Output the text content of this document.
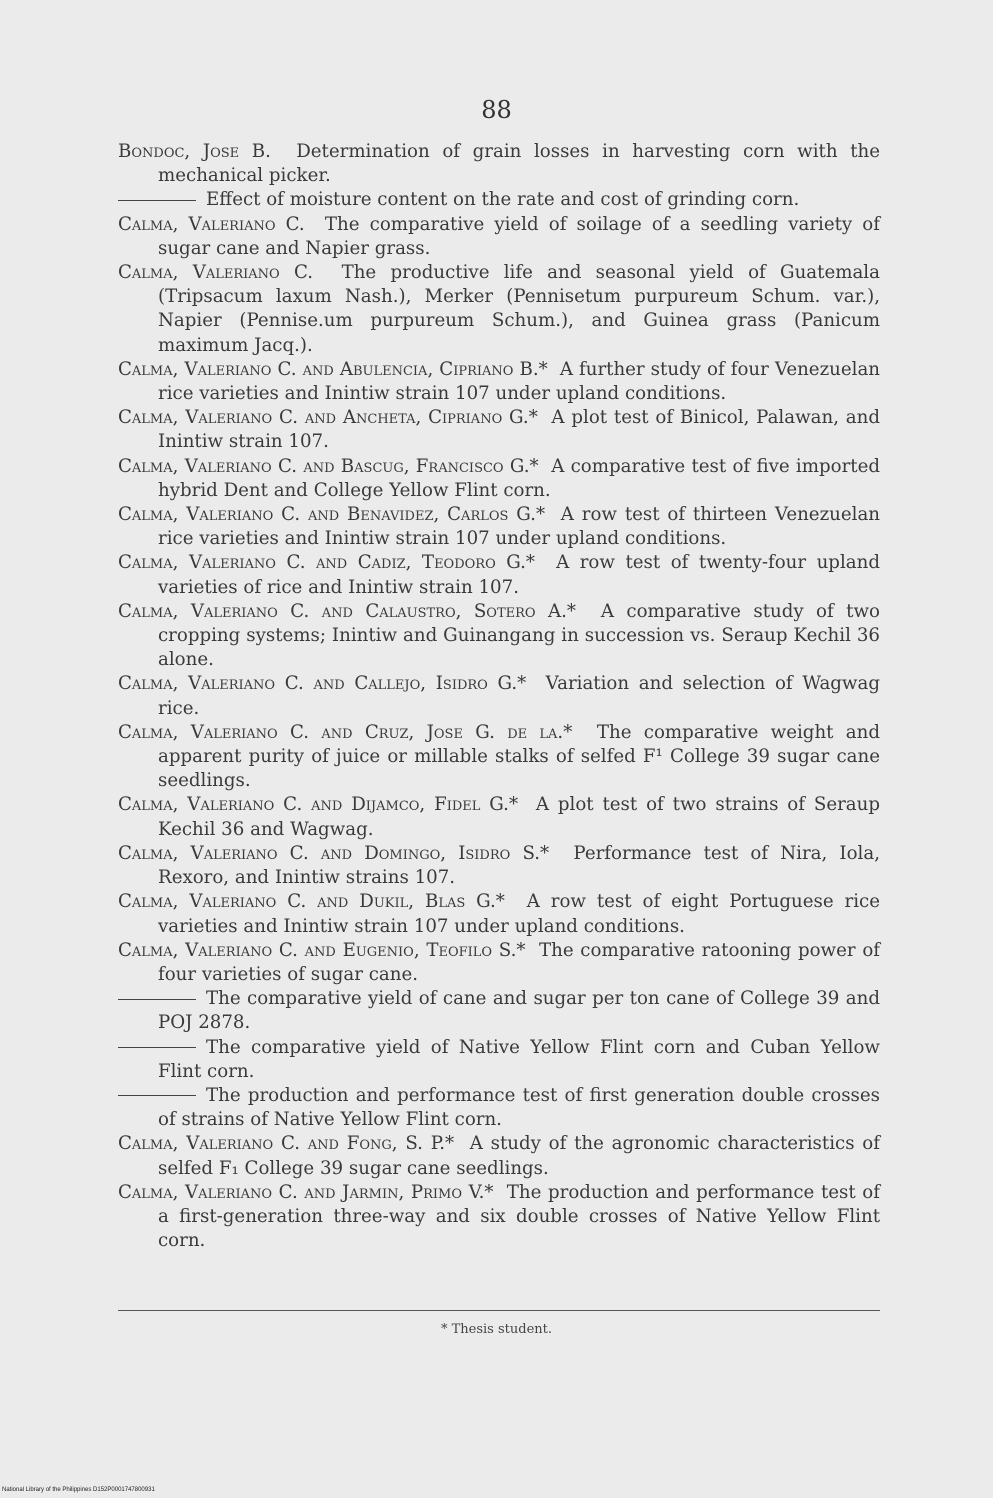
88

Bondoc, Jose B. Determination of grain losses in harvesting corn with the mechanical picker.

Effect of moisture content on the rate and cost of grinding corn.

Calma, Valeriano C. The comparative yield of soilage of a seedling variety of sugar cane and Napier grass.

Calma, Valeriano C. The productive life and seasonal yield of Guatemala (Tripsacum laxum Nash.), Merker (Pennisetum purpureum Schum. var.), Napier (Pennise.um purpureum Schum.), and Guinea grass (Panicum maximum Jacq.).

Calma, Valeriano C. and Abulencia, Cipriano B.* A further study of four Venezuelan rice varieties and Inintiw strain 107 under upland conditions.

Calma, Valeriano C. and Ancheta, Cipriano G.* A plot test of Binicol, Palawan, and Inintiw strain 107.

Calma, Valeriano C. and Bascug, Francisco G.* A comparative test of five imported hybrid Dent and College Yellow Flint corn.

Calma, Valeriano C. and Benavidez, Carlos G.* A row test of thirteen Venezuelan rice varieties and Inintiw strain 107 under upland conditions.

Calma, Valeriano C. and Cadiz, Teodoro G.* A row test of twenty-four upland varieties of rice and Inintiw strain 107.

Calma, Valeriano C. and Calaustro, Sotero A.* A comparative study of two cropping systems; Inintiw and Guinangang in succession vs. Seraup Kechil 36 alone.

Calma, Valeriano C. and Callejo, Isidro G.* Variation and selection of Wagwag rice.

Calma, Valeriano C. and Cruz, Jose G. de la.* The comparative weight and apparent purity of juice or millable stalks of selfed F¹ College 39 sugar cane seedlings.

Calma, Valeriano C. and Dijamco, Fidel G.* A plot test of two strains of Seraup Kechil 36 and Wagwag.

Calma, Valeriano C. and Domingo, Isidro S.* Performance test of Nira, Iola, Rexoro, and Inintiw strains 107.

Calma, Valeriano C. and Dukil, Blas G.* A row test of eight Portuguese rice varieties and Inintiw strain 107 under upland conditions.

Calma, Valeriano C. and Eugenio, Teofilo S.* The comparative ratooning power of four varieties of sugar cane.

The comparative yield of cane and sugar per ton cane of College 39 and POJ 2878.

The comparative yield of Native Yellow Flint corn and Cuban Yellow Flint corn.

The production and performance test of first generation double crosses of strains of Native Yellow Flint corn.

Calma, Valeriano C. and Fong, S. P.* A study of the agronomic characteristics of selfed F₁ College 39 sugar cane seedlings.

Calma, Valeriano C. and Jarmin, Primo V.* The production and performance test of a first-generation three-way and six double crosses of Native Yellow Flint corn.

* Thesis student.
National Library of the Philippines D152P0001747800931
